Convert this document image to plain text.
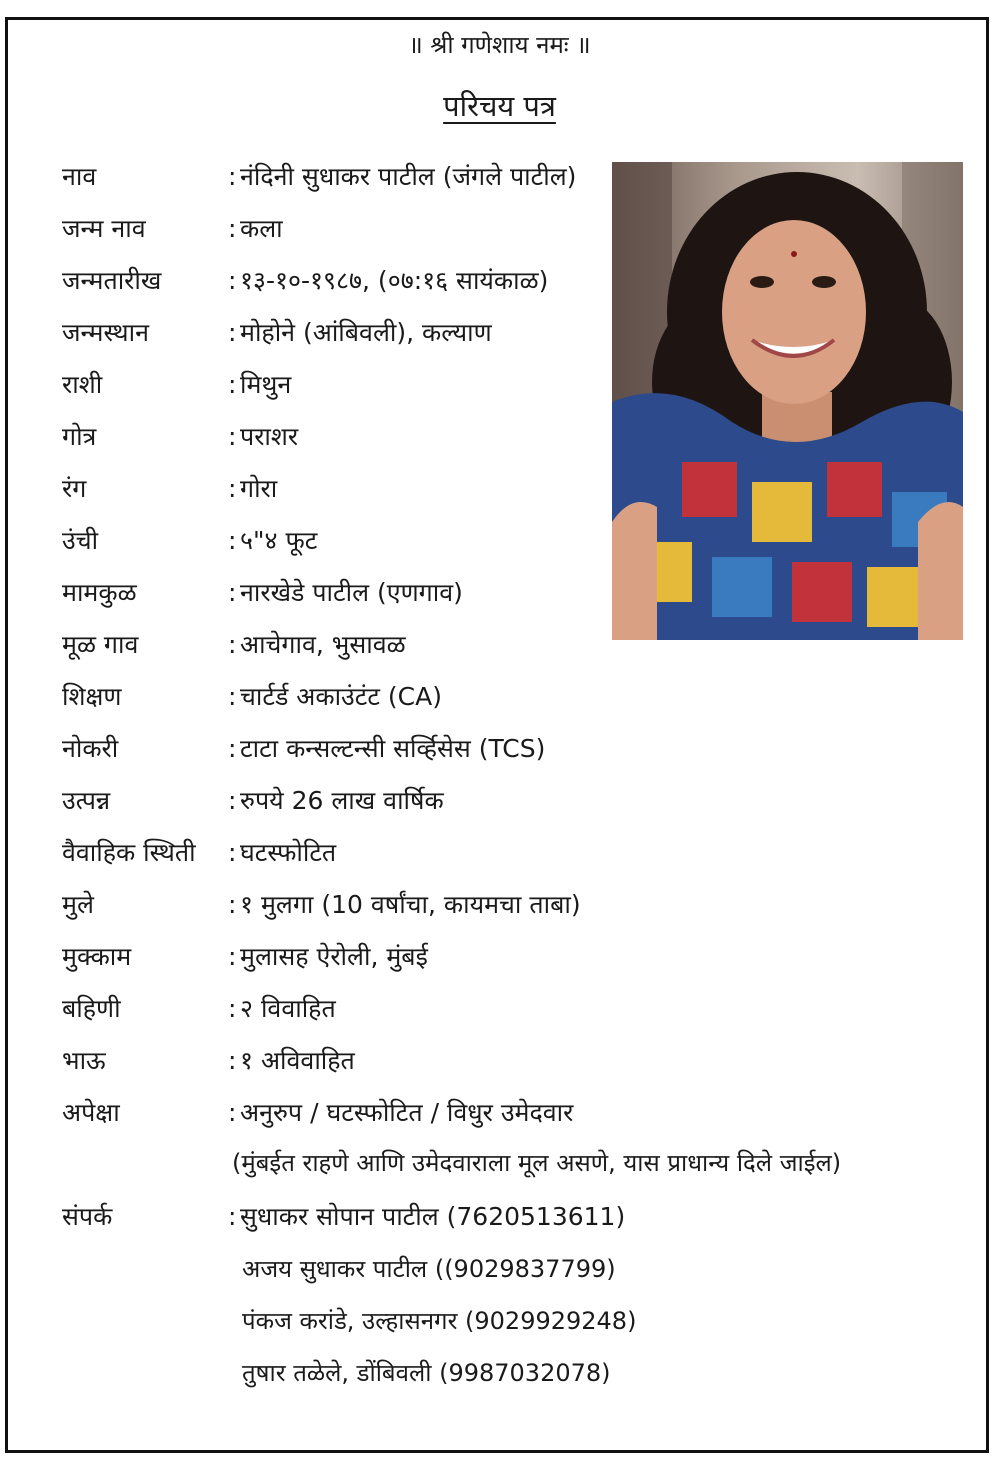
॥ श्री गणेशाय नमः ॥
परिचय पत्र
नाव	: नंदिनी सुधाकर पाटील (जंगले पाटील)
जन्म नाव	: कला
जन्मतारीख	: १३-१०-१९८७, (०७:१६ सायंकाळ)
जन्मस्थान	: मोहोने (आंबिवली), कल्याण
राशी	: मिथुन
गोत्र	: पराशर
रंग	: गोरा
उंची	: ५"४ फूट
मामकुळ	: नारखेडे पाटील (एणगाव)
मूळ गाव	: आचेगाव, भुसावळ
शिक्षण	: चार्टर्ड अकाउंटंट (CA)
नोकरी	: टाटा कन्सल्टन्सी सर्व्हिसेस (TCS)
उत्पन्न	: रुपये 26 लाख वार्षिक
वैवाहिक स्थिती : घटस्फोटित
मुले	: १ मुलगा (10 वर्षांचा, कायमचा ताबा)
मुक्काम	: मुलासह ऐरोली, मुंबई
बहिणी	: २ विवाहित
भाऊ	: १ अविवाहित
अपेक्षा	: अनुरुप / घटस्फोटित / विधुर उमेदवार
(मुंबईत राहणे आणि उमेदवाराला मूल असणे, यास प्राधान्य दिले जाईल)
संपर्क	: सुधाकर सोपान पाटील (7620513611)
अजय सुधाकर पाटील ((9029837799)
पंकज करांडे, उल्हासनगर (9029929248)
तुषार तळेले, डोंबिवली (9987032078)
